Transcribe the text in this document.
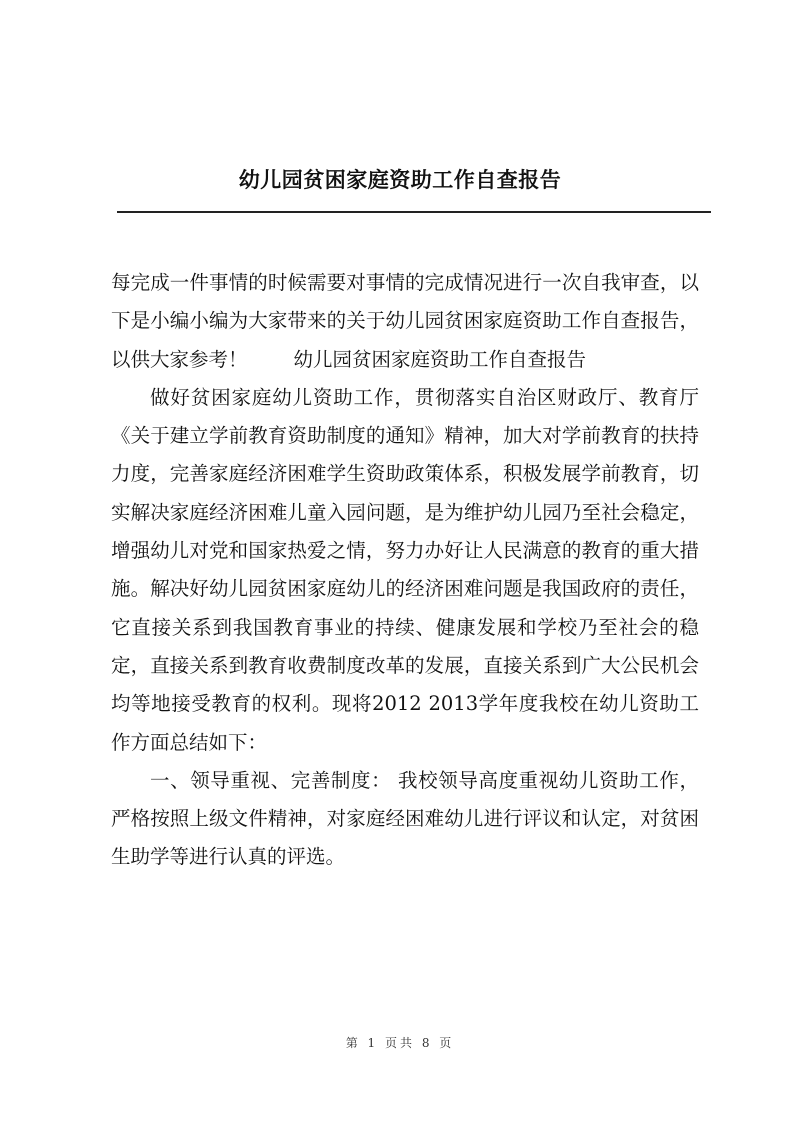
幼儿园贫困家庭资助工作自查报告

每完成一件事情的时候需要对事情的完成情况进行一次自我审查，以下是小编小编为大家带来的关于幼儿园贫困家庭资助工作自查报告，以供大家参考！ 幼儿园贫困家庭资助工作自查报告

做好贫困家庭幼儿资助工作，贯彻落实自治区财政厅、教育厅《关于建立学前教育资助制度的通知》精神，加大对学前教育的扶持力度，完善家庭经济困难学生资助政策体系，积极发展学前教育，切实解决家庭经济困难儿童入园问题，是为维护幼儿园乃至社会稳定，增强幼儿对党和国家热爱之情，努力办好让人民满意的教育的重大措施。解决好幼儿园贫困家庭幼儿的经济困难问题是我国政府的责任，它直接关系到我国教育事业的持续、健康发展和学校乃至社会的稳定，直接关系到教育收费制度改革的发展，直接关系到广大公民机会均等地接受教育的权利。现将2012 2013学年度我校在幼儿资助工作方面总结如下：

一、领导重视、完善制度： 我校领导高度重视幼儿资助工作，严格按照上级文件精神，对家庭经困难幼儿进行评议和认定，对贫困生助学等进行认真的评选。

第 1 页共 8 页
